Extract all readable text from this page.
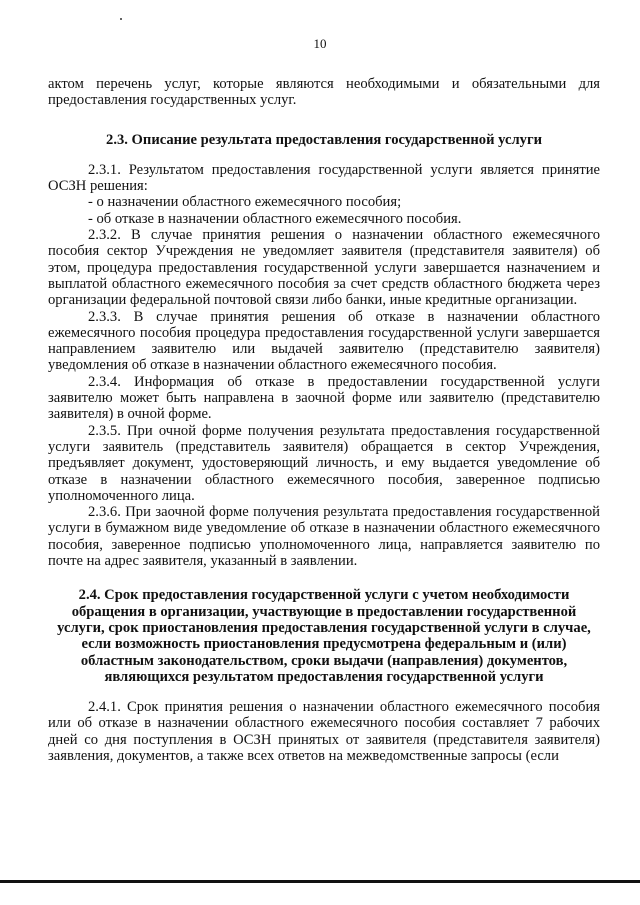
10

актом перечень услуг, которые являются необходимыми и обязательными для предоставления государственных услуг.

2.3. Описание результата предоставления государственной услуги

2.3.1. Результатом предоставления государственной услуги является принятие ОСЗН решения:

- о назначении областного ежемесячного пособия;

- об отказе в назначении областного ежемесячного пособия.

2.3.2. В случае принятия решения о назначении областного ежемесячного пособия сектор Учреждения не уведомляет заявителя (представителя заявителя) об этом, процедура предоставления государственной услуги завершается назначением и выплатой областного ежемесячного пособия за счет средств областного бюджета через организации федеральной почтовой связи либо банки, иные кредитные организации.

2.3.3. В случае принятия решения об отказе в назначении областного ежемесячного пособия процедура предоставления государственной услуги завершается направлением заявителю или выдачей заявителю (представителю заявителя) уведомления об отказе в назначении областного ежемесячного пособия.

2.3.4. Информация об отказе в предоставлении государственной услуги заявителю может быть направлена в заочной форме или заявителю (представителю заявителя) в очной форме.

2.3.5. При очной форме получения результата предоставления государственной услуги заявитель (представитель заявителя) обращается в сектор Учреждения, предъявляет документ, удостоверяющий личность, и ему выдается уведомление об отказе в назначении областного ежемесячного пособия, заверенное подписью уполномоченного лица.

2.3.6. При заочной форме получения результата предоставления государственной услуги в бумажном виде уведомление об отказе в назначении областного ежемесячного пособия, заверенное подписью уполномоченного лица, направляется заявителю по почте на адрес заявителя, указанный в заявлении.

2.4. Срок предоставления государственной услуги с учетом необходимости обращения в организации, участвующие в предоставлении государственной услуги, срок приостановления предоставления государственной услуги в случае, если возможность приостановления предусмотрена федеральным и (или) областным законодательством, сроки выдачи (направления) документов, являющихся результатом предоставления государственной услуги

2.4.1. Срок принятия решения о назначении областного ежемесячного пособия или об отказе в назначении областного ежемесячного пособия составляет 7 рабочих дней со дня поступления в ОСЗН принятых от заявителя (представителя заявителя) заявления, документов, а также всех ответов на межведомственные запросы (если
